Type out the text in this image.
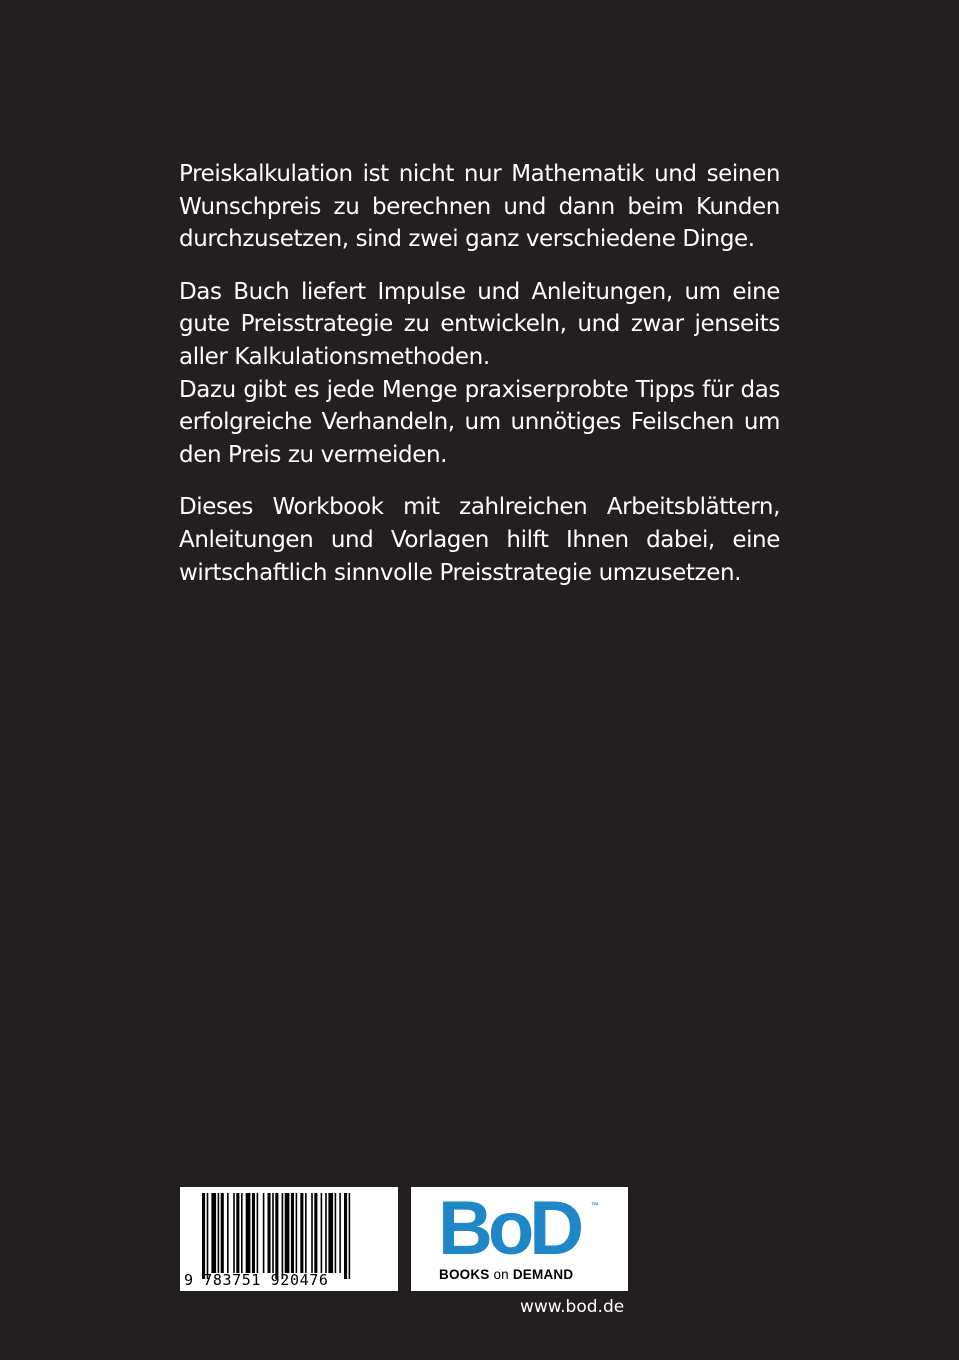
Preiskalkulation ist nicht nur Mathematik und seinen Wunschpreis zu berechnen und dann beim Kunden durchzusetzen, sind zwei ganz verschiedene Dinge.

Das Buch liefert Impulse und Anleitungen, um eine gute Preisstrategie zu entwickeln, und zwar jenseits aller Kalkulationsmethoden.

Dazu gibt es jede Menge praxiserprobte Tipps für das erfolgreiche Verhandeln, um unnötiges Feilschen um den Preis zu vermeiden.

Dieses Workbook mit zahlreichen Arbeitsblättern, Anleitungen und Vorlagen hilft Ihnen dabei, eine wirtschaftlich sinnvolle Preisstrategie umzusetzen.

9 783751 920476
BoD ™
BOOKS on DEMAND
www.bod.de
